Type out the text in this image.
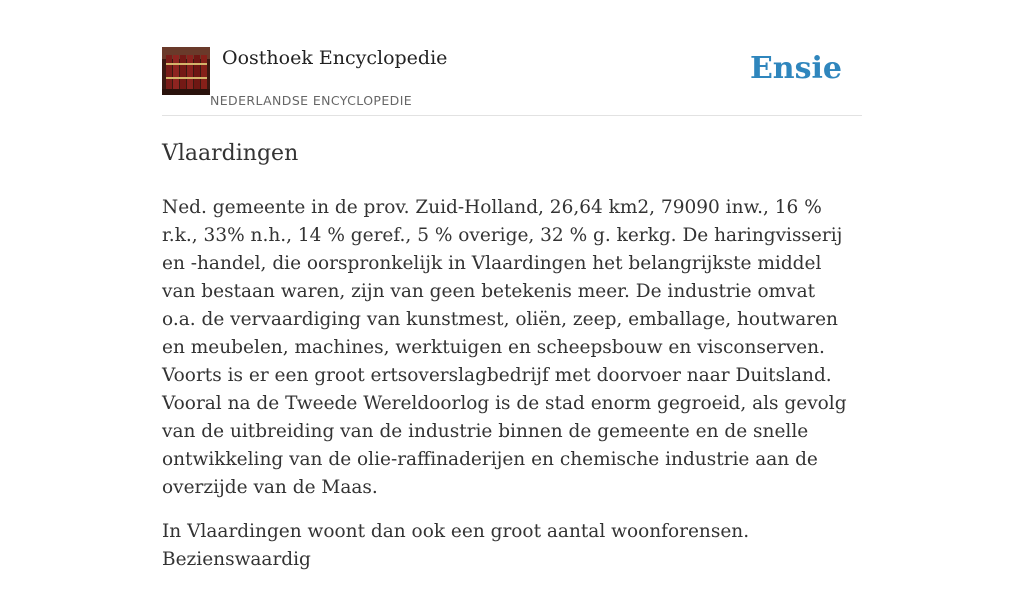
Oosthoek Encyclopedie
NEDERLANDSE ENCYCLOPEDIE
Ensie
Vlaardingen

Ned. gemeente in de prov. Zuid-Holland, 26,64 km2, 79090 inw., 16 % r.k., 33% n.h., 14 % geref., 5 % overige, 32 % g. kerkg. De haringvisserij en -handel, die oorspronkelijk in Vlaardingen het belangrijkste middel van bestaan waren, zijn van geen betekenis meer. De industrie omvat o.a. de vervaardiging van kunstmest, oliën, zeep, emballage, houtwaren en meubelen, machines, werktuigen en scheepsbouw en visconserven. Voorts is er een groot ertsoverslagbedrijf met doorvoer naar Duitsland. Vooral na de Tweede Wereldoorlog is de stad enorm gegroeid, als gevolg van de uitbreiding van de industrie binnen de gemeente en de snelle ontwikkeling van de olie-raffinaderijen en chemische industrie aan de overzijde van de Maas.

In Vlaardingen woont dan ook een groot aantal woonforensen. Bezienswaardig
